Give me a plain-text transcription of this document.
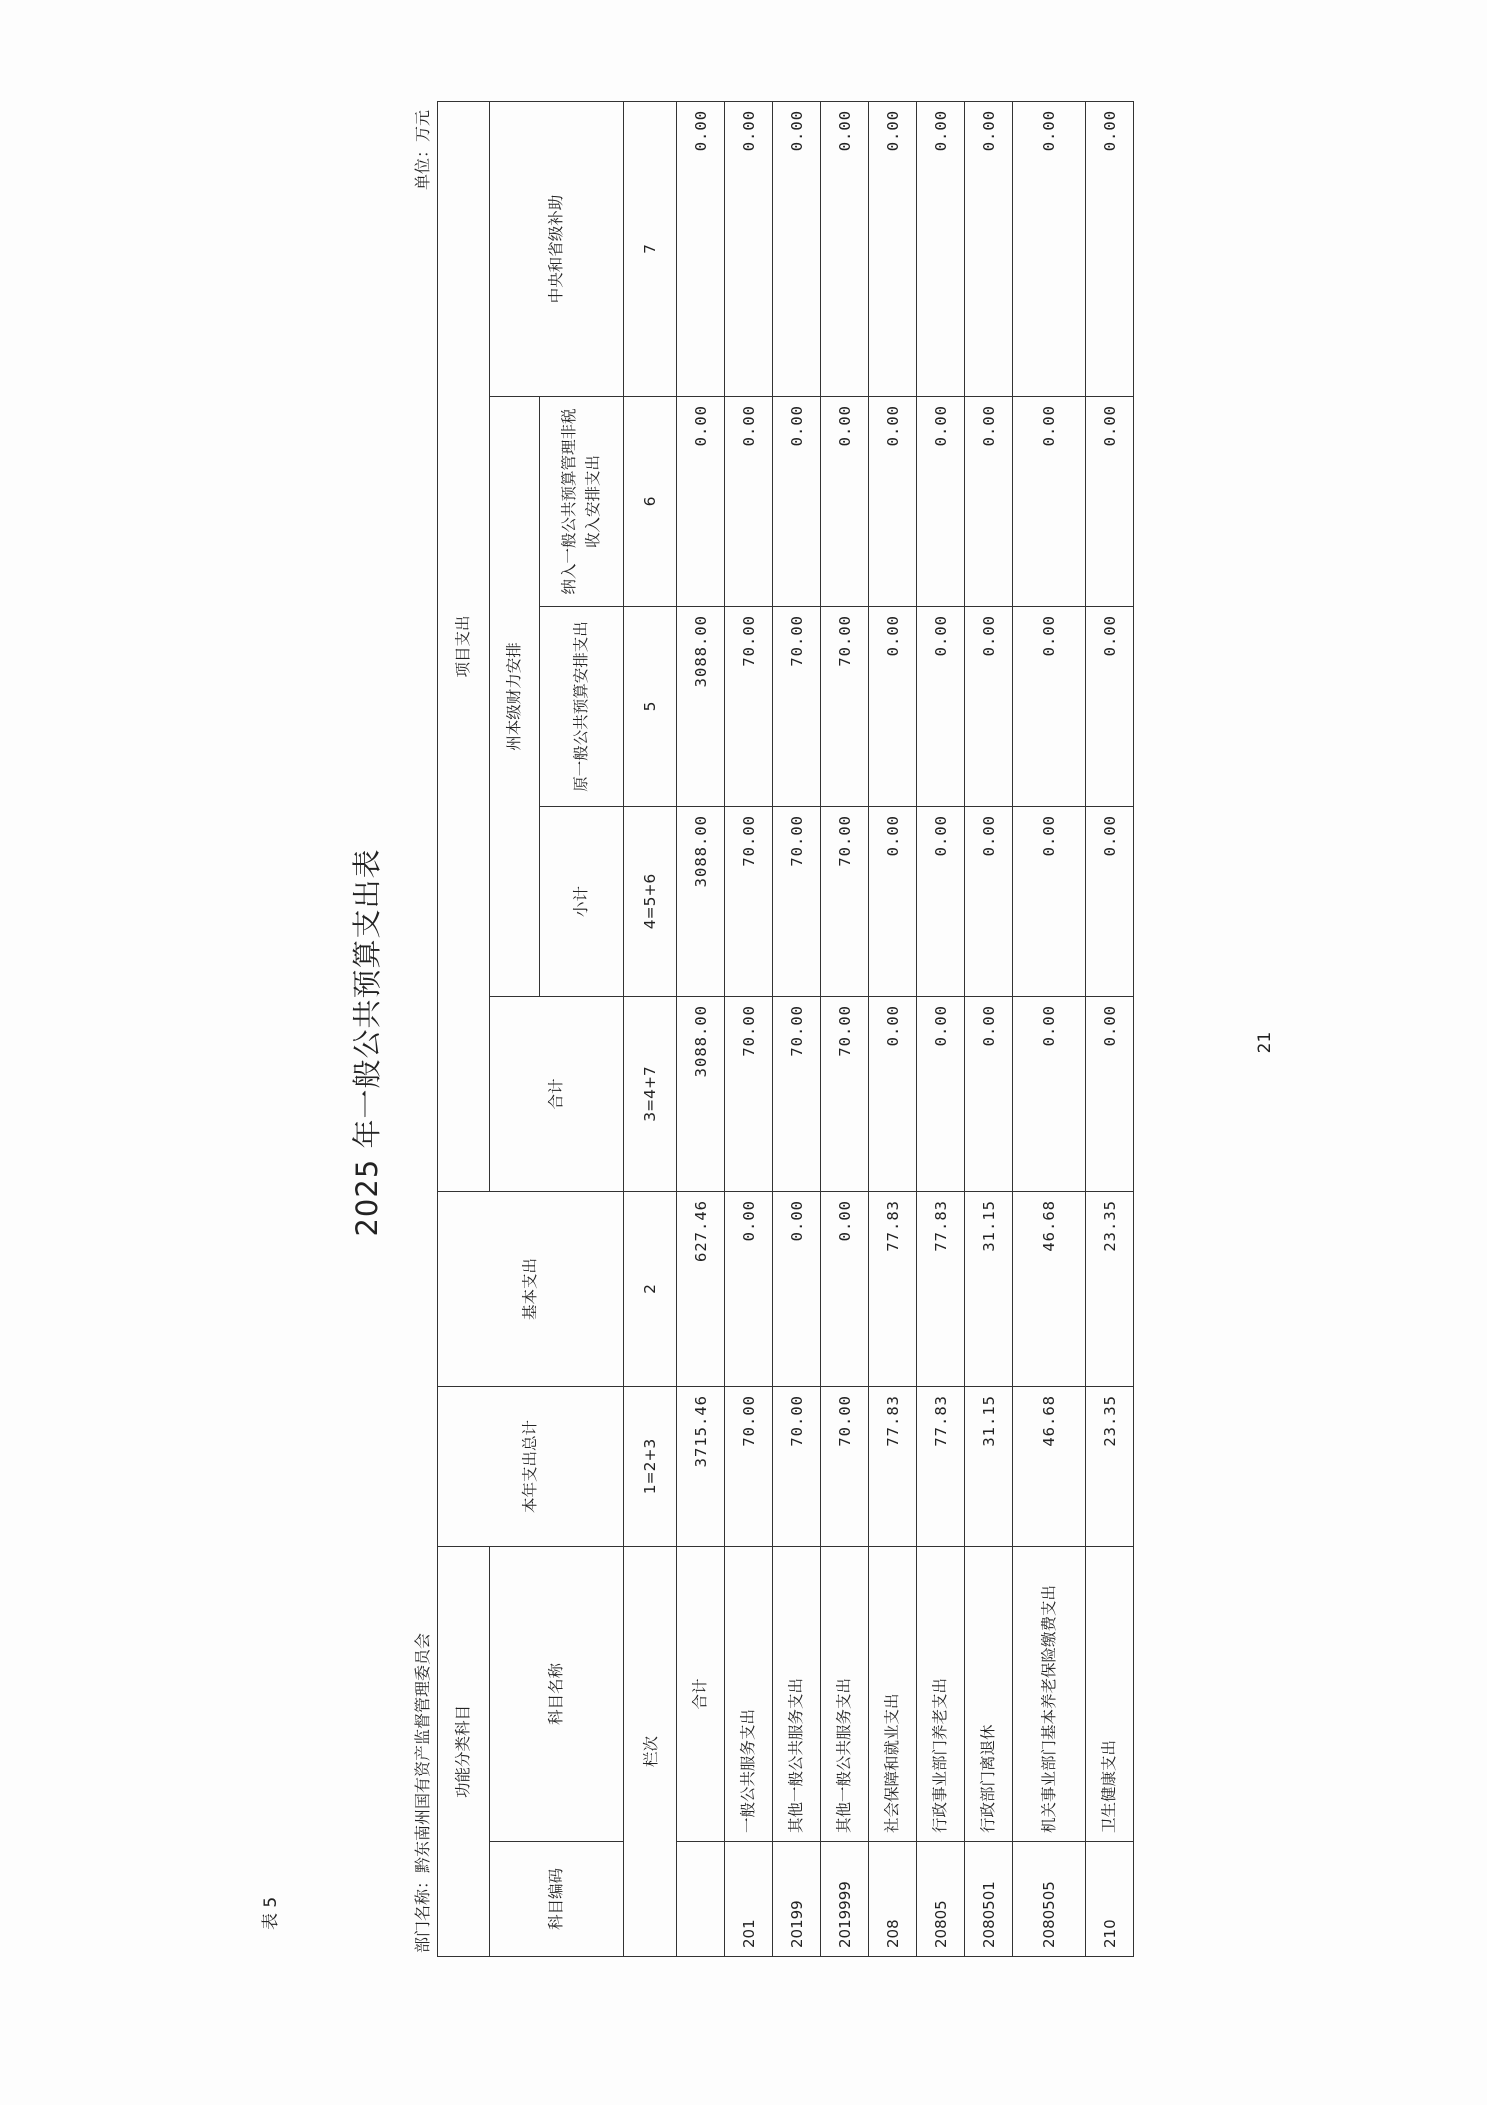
表 5
2025 年一般公共预算支出表
部门名称：黔东南州国有资产监督管理委员会
单位：万元
功能分类科目		本年支出总计	基本支出	项目支出				
科目编码	科目名称			合计	州本级财力安排			中央和省级补助
					小计	原一般公共预算安排支出	纳入一般公共预算管理非税收入安排支出	
栏次		1=2+3	2	3=4+7	4=5+6	5	6	7
	合计	3715.46	627.46	3088.00	3088.00	3088.00	0.00	0.00
201	一般公共服务支出	70.00	0.00	70.00	70.00	70.00	0.00	0.00
20199	其他一般公共服务支出	70.00	0.00	70.00	70.00	70.00	0.00	0.00
2019999	其他一般公共服务支出	70.00	0.00	70.00	70.00	70.00	0.00	0.00
208	社会保障和就业支出	77.83	77.83	0.00	0.00	0.00	0.00	0.00
20805	行政事业部门养老支出	77.83	77.83	0.00	0.00	0.00	0.00	0.00
2080501	行政部门离退休	31.15	31.15	0.00	0.00	0.00	0.00	0.00
2080505	机关事业部门基本养老保险缴费支出	46.68	46.68	0.00	0.00	0.00	0.00	0.00
210	卫生健康支出	23.35	23.35	0.00	0.00	0.00	0.00	0.00
21
